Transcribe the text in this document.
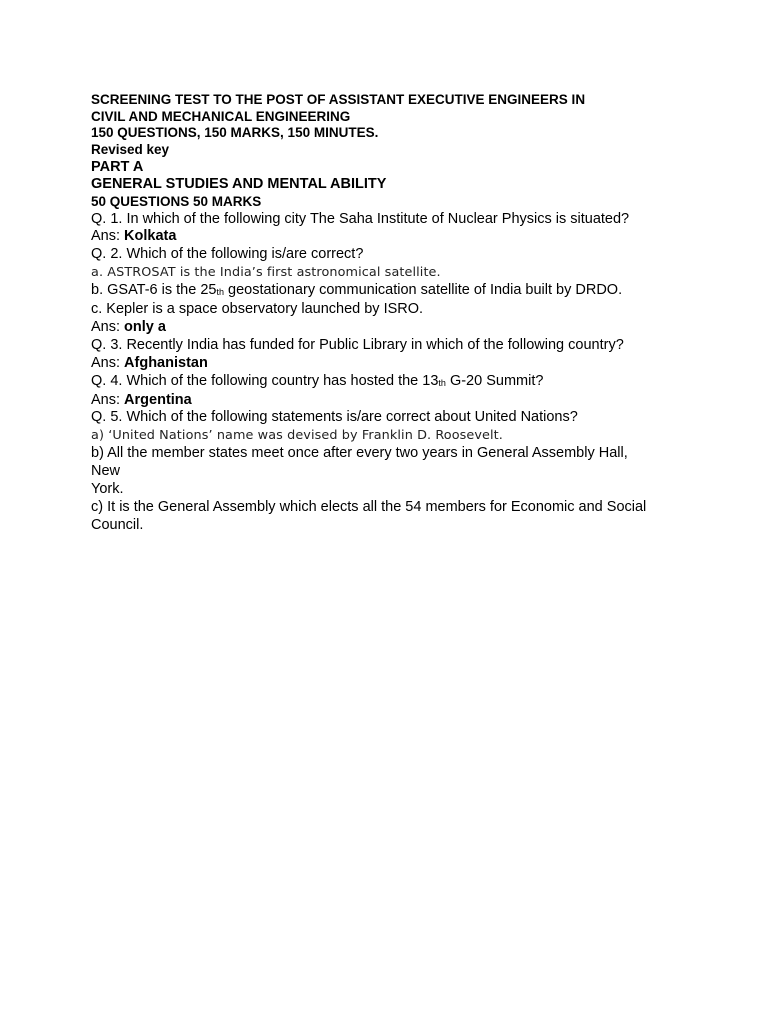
SCREENING TEST TO THE POST OF ASSISTANT EXECUTIVE ENGINEERS IN
CIVIL AND MECHANICAL ENGINEERING
150 QUESTIONS, 150 MARKS, 150 MINUTES.
Revised key
PART A
GENERAL STUDIES AND MENTAL ABILITY
50 QUESTIONS 50 MARKS
Q. 1. In which of the following city The Saha Institute of Nuclear Physics is situated?
Ans: Kolkata
Q. 2. Which of the following is/are correct?
a. ASTROSAT is the India’s first astronomical satellite.
b. GSAT-6 is the 25th geostationary communication satellite of India built by DRDO.
c. Kepler is a space observatory launched by ISRO.
Ans: only a
Q. 3. Recently India has funded for Public Library in which of the following country?
Ans: Afghanistan
Q. 4. Which of the following country has hosted the 13th G-20 Summit?
Ans: Argentina
Q. 5. Which of the following statements is/are correct about United Nations?
a) ‘United Nations’ name was devised by Franklin D. Roosevelt.
b) All the member states meet once after every two years in General Assembly Hall,
New
York.
c) It is the General Assembly which elects all the 54 members for Economic and Social
Council.
